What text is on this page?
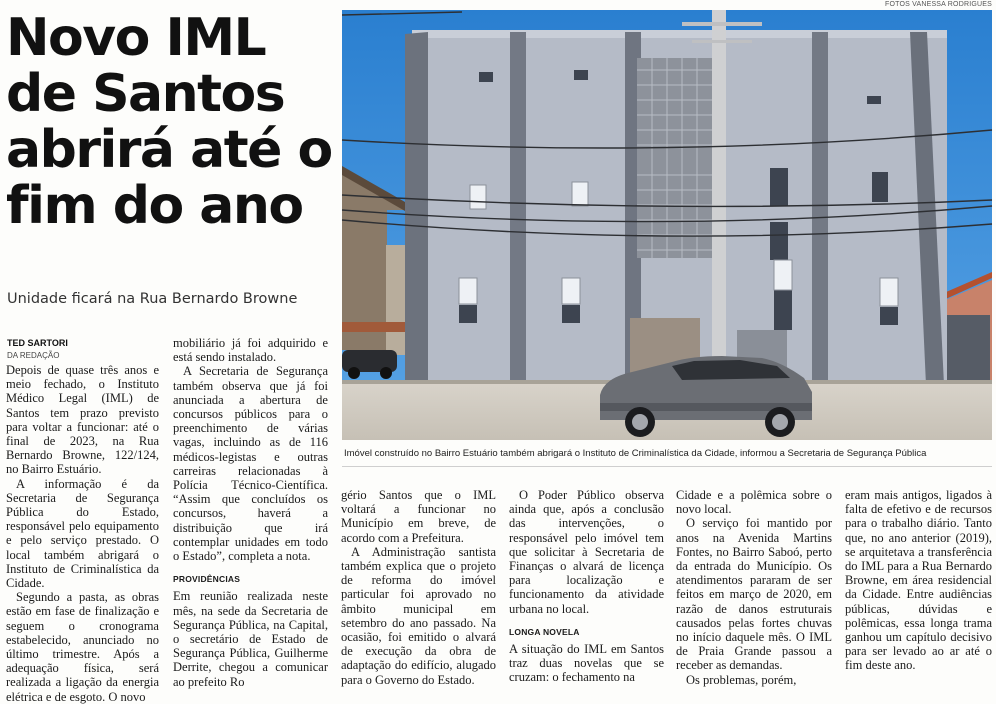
Novo IML
de Santos
abrirá até o
fim do ano
Unidade ficará na Rua Bernardo Browne
TED SARTORI
DA REDAÇÃO

Depois de quase três anos e meio fechado, o Instituto Médico Legal (IML) de Santos tem prazo previsto para voltar a funcionar: até o final de 2023, na Rua Bernardo Browne, 122/124, no Bairro Estuário.

A informação é da Secretaria de Segurança Pública do Estado, responsável pelo equipamento e pelo serviço prestado. O local também abrigará o Instituto de Criminalística da Cidade.

Segundo a pasta, as obras estão em fase de finalização e seguem o cronograma estabelecido, anunciado no último trimestre. Após a adequação física, será realizada a ligação da energia elétrica e de esgoto. O novo

mobiliário já foi adquirido e está sendo instalado.

A Secretaria de Segurança também observa que já foi anunciada a abertura de concursos públicos para o preenchimento de várias vagas, incluindo as de 116 médicos-legistas e outras carreiras relacionadas à Polícia Técnico-Científica. “Assim que concluídos os concursos, haverá a distribuição que irá contemplar unidades em todo o Estado”, completa a nota.

PROVIDÊNCIAS

Em reunião realizada neste mês, na sede da Secretaria de Segurança Pública, na Capital, o secretário de Estado de Segurança Pública, Guilherme Derrite, chegou a comunicar ao prefeito Ro

gério Santos que o IML voltará a funcionar no Município em breve, de acordo com a Prefeitura.

A Administração santista também explica que o projeto de reforma do imóvel particular foi aprovado no âmbito municipal em setembro do ano passado. Na ocasião, foi emitido o alvará de execução da obra de adaptação do edifício, alugado para o Governo do Estado.

O Poder Público observa ainda que, após a conclusão das intervenções, o responsável pelo imóvel tem que solicitar à Secretaria de Finanças o alvará de licença para localização e funcionamento da atividade urbana no local.

LONGA NOVELA

A situação do IML em Santos traz duas novelas que se cruzam: o fechamento na

Cidade e a polêmica sobre o novo local.

O serviço foi mantido por anos na Avenida Martins Fontes, no Bairro Saboó, perto da entrada do Município. Os atendimentos pararam de ser feitos em março de 2020, em razão de danos estruturais causados pelas fortes chuvas no início daquele mês. O IML de Praia Grande passou a receber as demandas.

Os problemas, porém,

eram mais antigos, ligados à falta de efetivo e de recursos para o trabalho diário. Tanto que, no ano anterior (2019), se arquitetava a transferência do IML para a Rua Bernardo Browne, em área residencial da Cidade. Entre audiências públicas, dúvidas e polêmicas, essa longa trama ganhou um capítulo decisivo para ser levado ao ar até o fim deste ano.

FOTOS VANESSA RODRIGUES
Imóvel construído no Bairro Estuário também abrigará o Instituto de Criminalística da Cidade, informou a Secretaria de Segurança Pública
